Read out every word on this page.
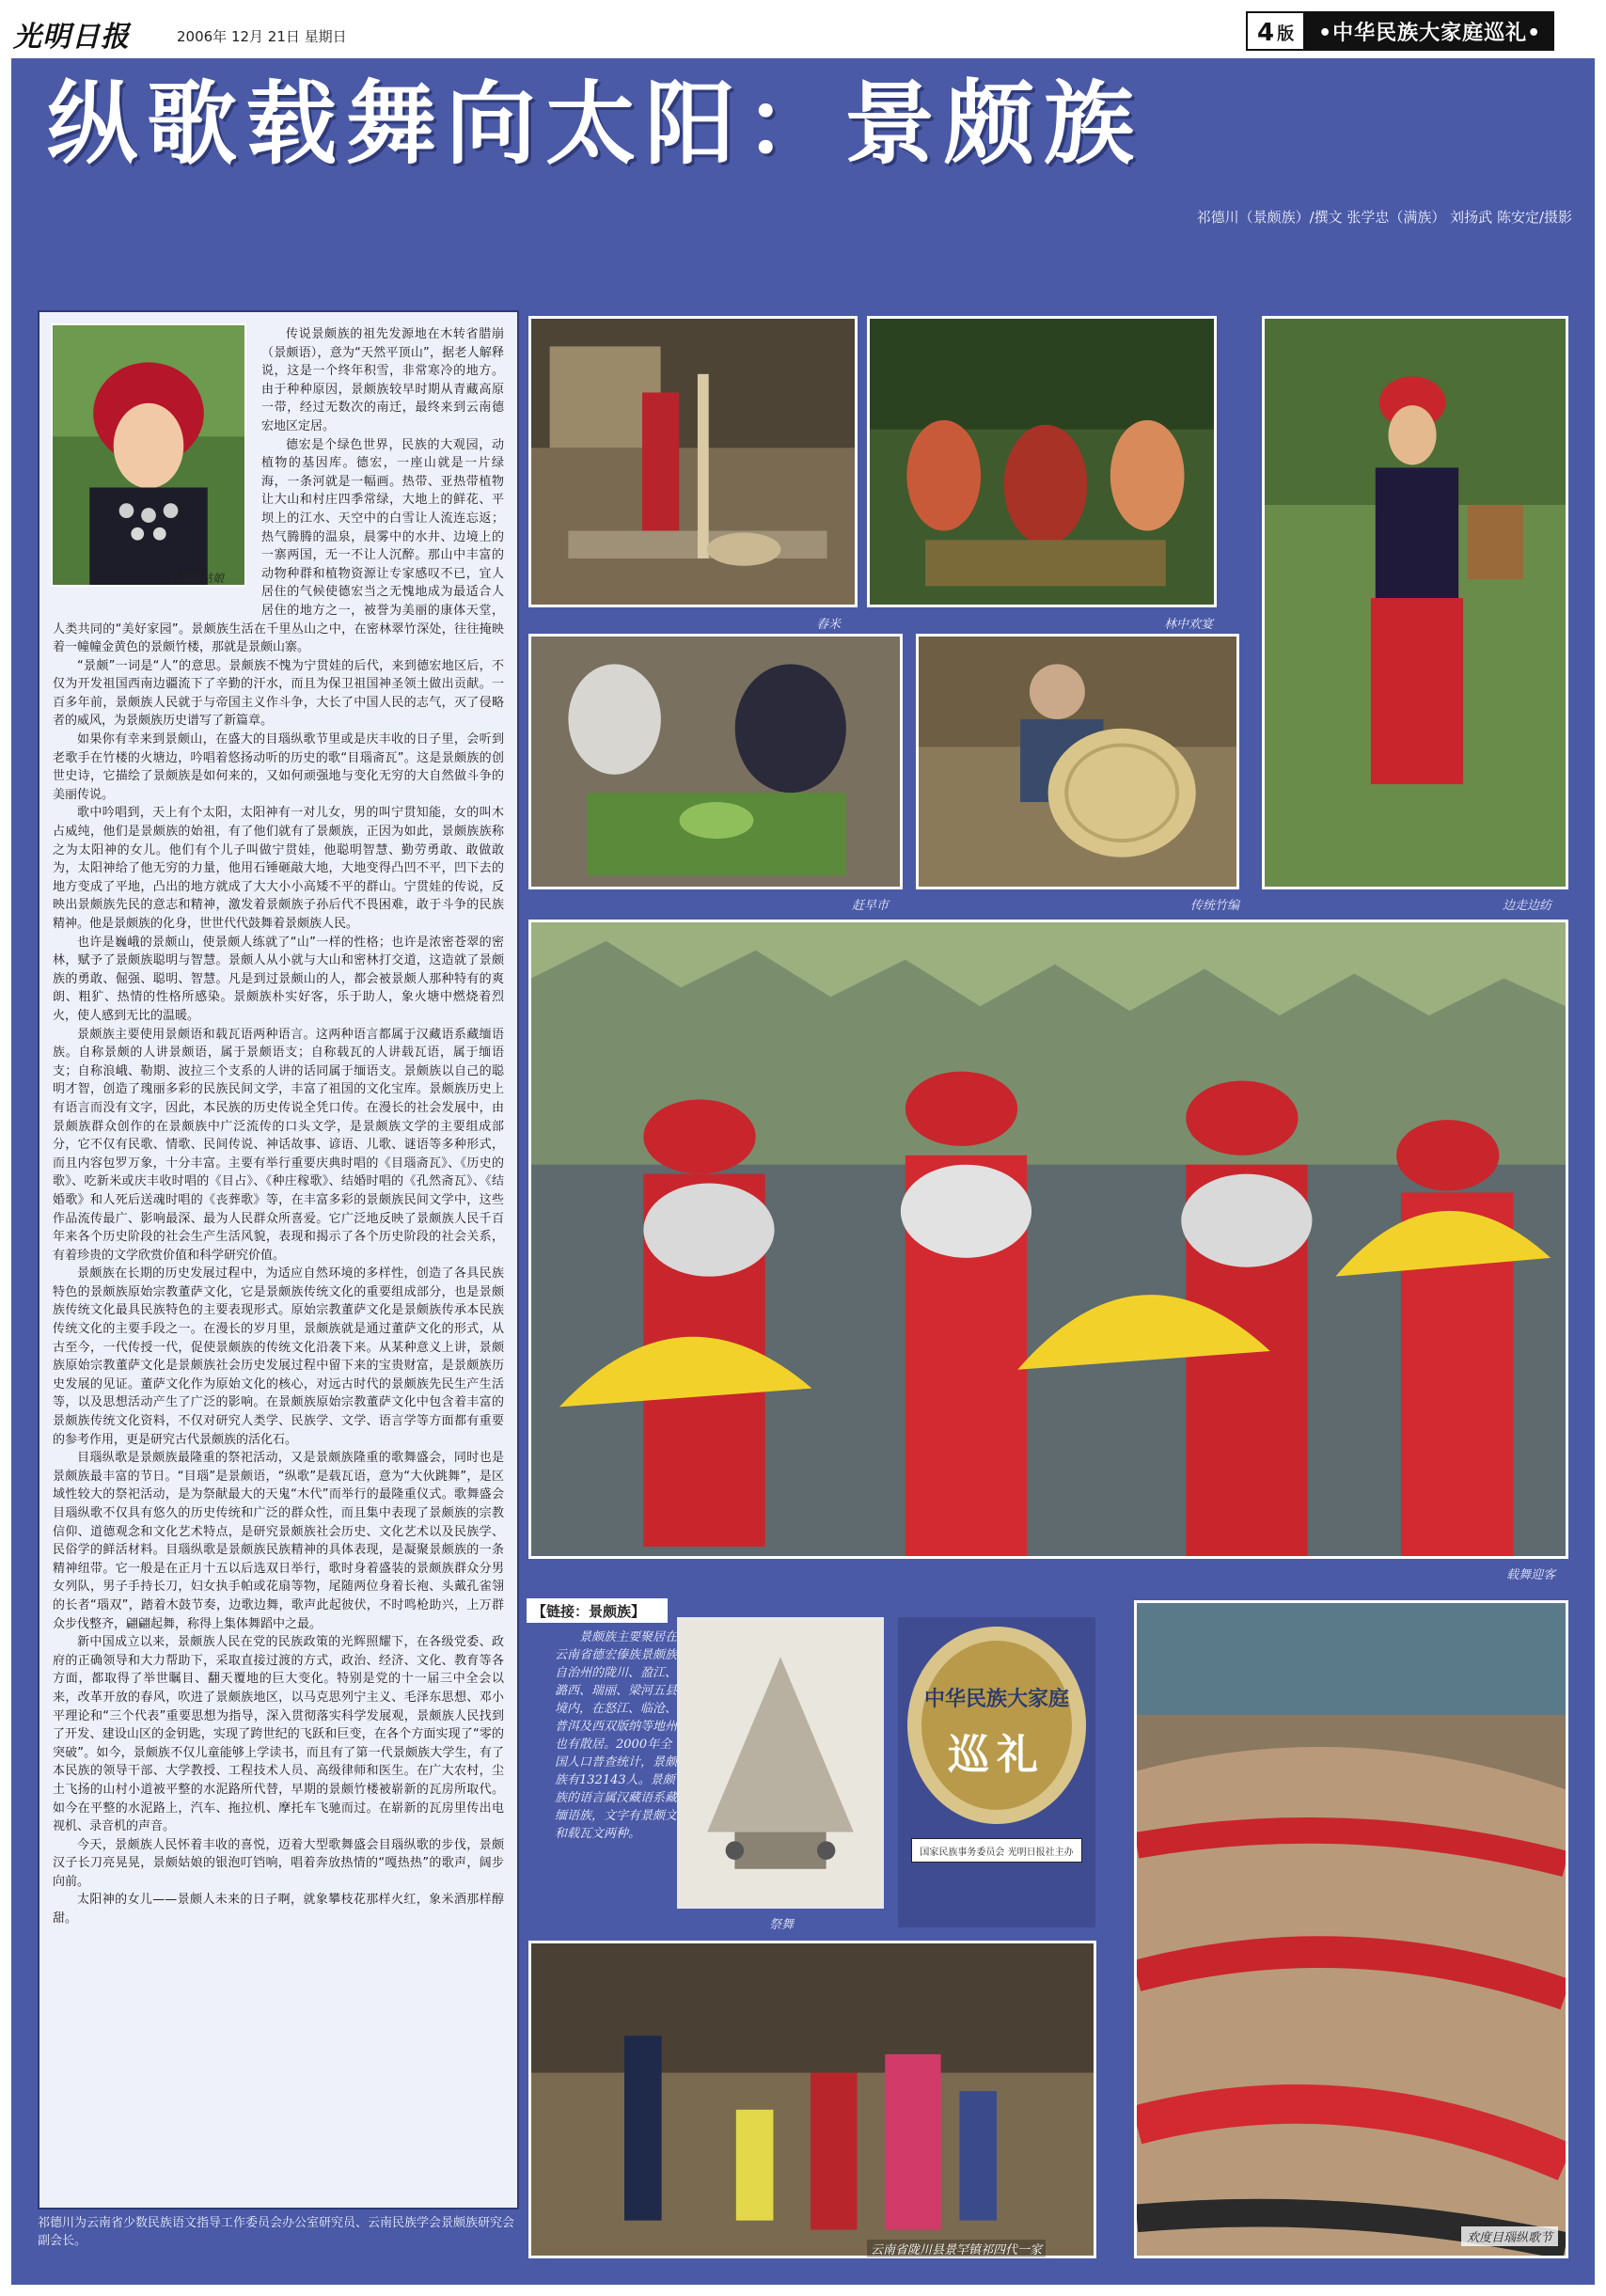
光明日报	2006年 12月 21日 星期日	4 版	•中华民族大家庭巡礼•
纵歌载舞向太阳：景颇族
祁德川（景颇族）/撰文 张学忠（满族） 刘扬武 陈安定/摄影

传说景颇族的祖先发源地在木转省腊崩（景颇语），意为“天然平顶山”，据老人解释说，这是一个终年积雪，非常寒冷的地方。由于种种原因，景颇族较早时期从青藏高原一带，经过无数次的南迁，最终来到云南德宏地区定居。

德宏是个绿色世界，民族的大观园，动植物的基因库。德宏，一座山就是一片绿海，一条河就是一幅画。热带、亚热带植物让大山和村庄四季常绿，大地上的鲜花、平坝上的江水、天空中的白雪让人流连忘返；热气腾腾的温泉，晨雾中的水井、边境上的一寨两国，无一不让人沉醉。那山中丰富的动物种群和植物资源让专家感叹不已，宜人居住的气候使德宏当之无愧地成为最适合人居住的地方之一，被誉为美丽的康体天堂，人类共同的“美好家园”。景颇族生活在千里丛山之中，在密林翠竹深处，往往掩映着一幢幢金黄色的景颇竹楼，那就是景颇山寨。

“景颇”一词是“人”的意思。景颇族不愧为宁贯娃的后代，来到德宏地区后，不仅为开发祖国西南边疆流下了辛勤的汗水，而且为保卫祖国神圣领土做出贡献。一百多年前，景颇族人民就于与帝国主义作斗争，大长了中国人民的志气，灭了侵略者的威风，为景颇族历史谱写了新篇章。

如果你有幸来到景颇山，在盛大的目瑙纵歌节里或是庆丰收的日子里，会听到老歌手在竹楼的火塘边，吟唱着悠扬动听的历史的歌“目瑙斋瓦”。这是景颇族的创世史诗，它描绘了景颇族是如何来的，又如何顽强地与变化无穷的大自然做斗争的美丽传说。

歌中吟唱到，天上有个太阳，太阳神有一对儿女，男的叫宁贯知能，女的叫木占威纯，他们是景颇族的始祖，有了他们就有了景颇族，正因为如此，景颇族族称之为太阳神的女儿。他们有个儿子叫做宁贯娃，他聪明智慧、勤劳勇敢、敢做敢为，太阳神给了他无穷的力量，他用石锤砸敲大地，大地变得凸凹不平，凹下去的地方变成了平地，凸出的地方就成了大大小小高矮不平的群山。宁贯娃的传说，反映出景颇族先民的意志和精神，激发着景颇族子孙后代不畏困难，敢于斗争的民族精神。他是景颇族的化身，世世代代鼓舞着景颇族人民。

也许是巍峨的景颇山，使景颇人练就了“山”一样的性格；也许是浓密苍翠的密林，赋予了景颇族聪明与智慧。景颇人从小就与大山和密林打交道，这造就了景颇族的勇敢、倔强、聪明、智慧。凡是到过景颇山的人，都会被景颇人那种特有的爽朗、粗犷、热情的性格所感染。景颇族朴实好客，乐于助人，象火塘中燃烧着烈火，使人感到无比的温暖。

景颇族主要使用景颇语和载瓦语两种语言。这两种语言都属于汉藏语系藏缅语族。自称景颇的人讲景颇语，属于景颇语支；自称载瓦的人讲载瓦语，属于缅语支；自称浪峨、勒期、波拉三个支系的人讲的话同属于缅语支。景颇族以自己的聪明才智，创造了瑰丽多彩的民族民间文学，丰富了祖国的文化宝库。景颇族历史上有语言而没有文字，因此，本民族的历史传说全凭口传。在漫长的社会发展中，由景颇族群众创作的在景颇族中广泛流传的口头文学，是景颇族文学的主要组成部分，它不仅有民歌、情歌、民间传说、神话故事、谚语、儿歌、谜语等多种形式，而且内容包罗万象，十分丰富。主要有举行重要庆典时唱的《目瑙斋瓦》、《历史的歌》、吃新米或庆丰收时唱的《目占》、《种庄稼歌》、结婚时唱的《孔然斋瓦》、《结婚歌》和人死后送魂时唱的《丧葬歌》等，在丰富多彩的景颇族民间文学中，这些作品流传最广、影响最深、最为人民群众所喜爱。它广泛地反映了景颇族人民千百年来各个历史阶段的社会生产生活风貌，表现和揭示了各个历史阶段的社会关系，有着珍贵的文学欣赏价值和科学研究价值。

景颇族在长期的历史发展过程中，为适应自然环境的多样性，创造了各具民族特色的景颇族原始宗教董萨文化，它是景颇族传统文化的重要组成部分，也是景颇族传统文化最具民族特色的主要表现形式。原始宗教董萨文化是景颇族传承本民族传统文化的主要手段之一。在漫长的岁月里，景颇族就是通过董萨文化的形式，从古至今，一代传授一代，促使景颇族的传统文化沿袭下来。从某种意义上讲，景颇族原始宗教董萨文化是景颇族社会历史发展过程中留下来的宝贵财富，是景颇族历史发展的见证。董萨文化作为原始文化的核心，对远古时代的景颇族先民生产生活等，以及思想活动产生了广泛的影响。在景颇族原始宗教董萨文化中包含着丰富的景颇族传统文化资料，不仅对研究人类学、民族学、文学、语言学等方面都有重要的参考作用，更是研究古代景颇族的活化石。

目瑙纵歌是景颇族最隆重的祭祀活动，又是景颇族隆重的歌舞盛会，同时也是景颇族最丰富的节日。“目瑙”是景颇语，“纵歌”是载瓦语，意为“大伙跳舞”，是区域性较大的祭祀活动，是为祭献最大的天鬼“木代”而举行的最隆重仪式。歌舞盛会目瑙纵歌不仅具有悠久的历史传统和广泛的群众性，而且集中表现了景颇族的宗教信仰、道德观念和文化艺术特点，是研究景颇族社会历史、文化艺术以及民族学、民俗学的鲜活材料。目瑙纵歌是景颇族民族精神的具体表现，是凝聚景颇族的一条精神纽带。它一般是在正月十五以后选双日举行，歌时身着盛装的景颇族群众分男女列队，男子手持长刀，妇女执手帕或花扇等物，尾随两位身着长袍、头戴孔雀翎的长者“瑙双”，踏着木鼓节奏，边歌边舞，歌声此起彼伏，不时鸣枪助兴，上万群众步伐整齐，翩翩起舞，称得上集体舞蹈中之最。

新中国成立以来，景颇族人民在党的民族政策的光辉照耀下，在各级党委、政府的正确领导和大力帮助下，采取直接过渡的方式，政治、经济、文化、教育等各方面，都取得了举世瞩目、翻天覆地的巨大变化。特别是党的十一届三中全会以来，改革开放的春风，吹进了景颇族地区，以马克思列宁主义、毛泽东思想、邓小平理论和“三个代表”重要思想为指导，深入贯彻落实科学发展观，景颇族人民找到了开发、建设山区的金钥匙，实现了跨世纪的飞跃和巨变，在各个方面实现了“零的突破”。如今，景颇族不仅儿童能够上学读书，而且有了第一代景颇族大学生，有了本民族的领导干部、大学教授、工程技术人员、高级律师和医生。在广大农村，尘土飞扬的山村小道被平整的水泥路所代替，早期的景颇竹楼被崭新的瓦房所取代。如今在平整的水泥路上，汽车、拖拉机、摩托车飞驰而过。在崭新的瓦房里传出电视机、录音机的声音。

今天，景颇族人民怀着丰收的喜悦，迈着大型歌舞盛会目瑙纵歌的步伐，景颇汉子长刀亮晃晃，景颇姑娘的银泡叮铛响，唱着奔放热情的“嘎热热”的歌声，阔步向前。

太阳神的女儿——景颇人未来的日子啊，就象攀枝花那样火红，象米酒那样醇甜。

景颇族姑娘
舂米	林中欢宴
边走边纺
赶早市	传统竹编
载舞迎客
【链接：景颇族】
景颇族主要聚居在云南省德宏傣族景颇族自治州的陇川、盈江、潞西、瑞丽、梁河五县境内，在怒江、临沧、普洱及西双版纳等地州也有散居。2000年全国人口普查统计，景颇族有132143人。景颇族的语言属汉藏语系藏缅语族，文字有景颇文和载瓦文两种。
祭舞
中华民族大家庭
巡礼
国家民族事务委员会 光明日报社主办
云南省陇川县景罕镇祁四代一家
欢度目瑙纵歌节
祁德川为云南省少数民族语文指导工作委员会办公室研究员、云南民族学会景颇族研究会副会长。
